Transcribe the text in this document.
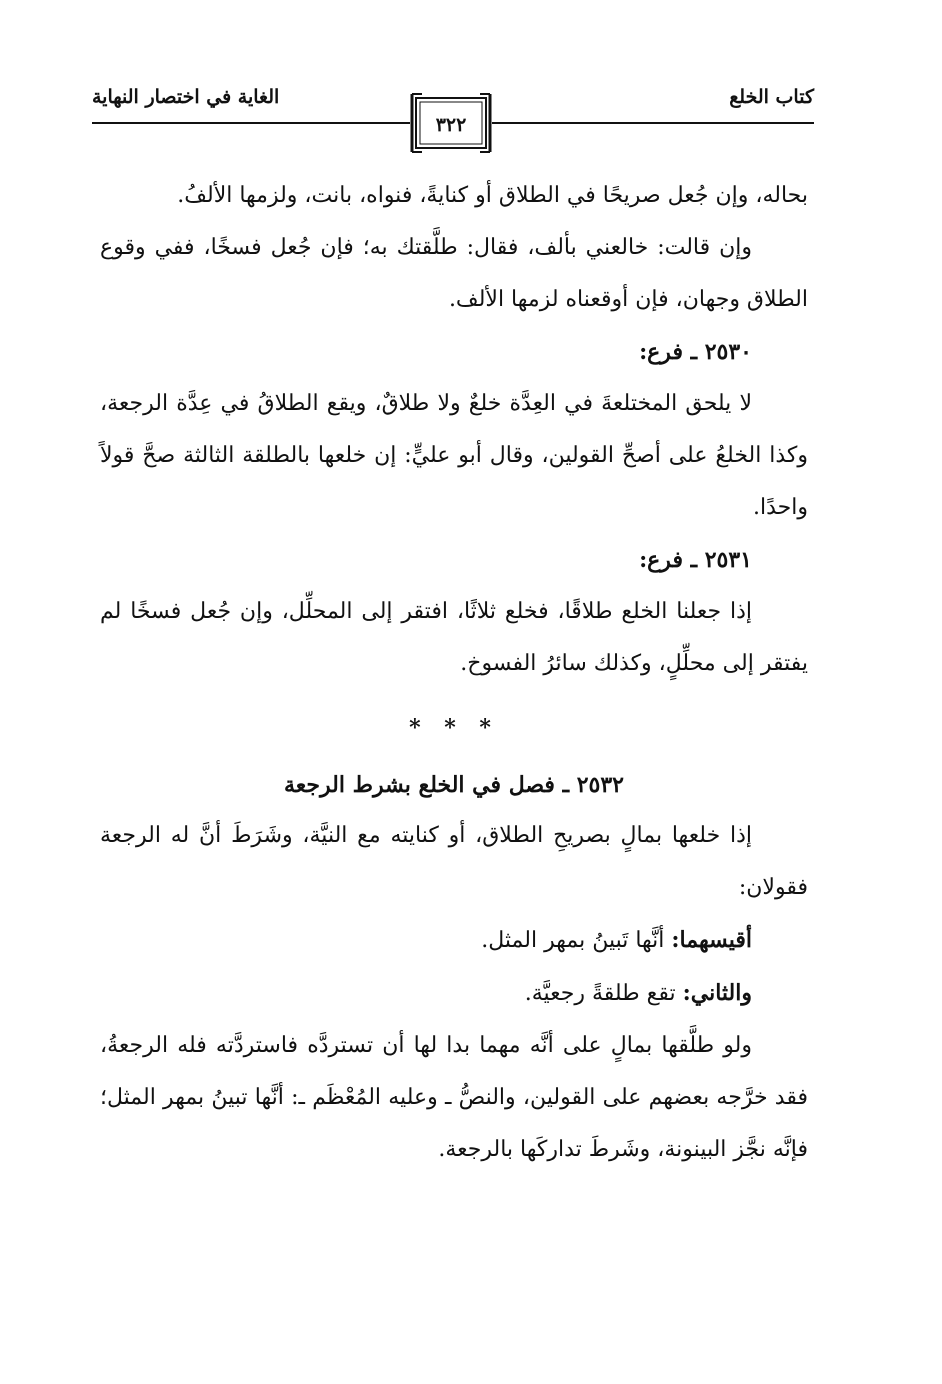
كتاب الخلع
الغاية في اختصار النهاية
٣٢٢

بحاله، وإن جُعل صريحًا في الطلاق أو كنايةً، فنواه، بانت، ولزمها الألفُ.

وإن قالت: خالعني بألف، فقال: طلَّقتك به؛ فإن جُعل فسخًا، ففي وقوع الطلاق وجهان، فإن أوقعناه لزمها الألف.

٢٥٣٠ ـ فرع:

لا يلحق المختلعةَ في العِدَّة خلعٌ ولا طلاقٌ، ويقع الطلاقُ في عِدَّة الرجعة، وكذا الخلعُ على أصحِّ القولين، وقال أبو عليٍّ: إن خلعها بالطلقة الثالثة صحَّ قولاً واحدًا.

٢٥٣١ ـ فرع:

إذا جعلنا الخلع طلاقًا، فخلع ثلاثًا، افتقر إلى المحلِّل، وإن جُعل فسخًا لم يفتقر إلى محلِّلٍ، وكذلك سائرُ الفسوخ.

* * *

٢٥٣٢ ـ فصل في الخلع بشرط الرجعة

إذا خلعها بمالٍ بصريحِ الطلاق، أو كنايته مع النيَّة، وشَرَطَ أنَّ له الرجعة فقولان:

أقيسهما: أنَّها تَبينُ بمهر المثل.

والثاني: تقع طلقةً رجعيَّة.

ولو طلَّقها بمالٍ على أنَّه مهما بدا لها أن تستردَّه فاستردَّته فله الرجعةُ، فقد خرَّجه بعضهم على القولين، والنصُّ ـ وعليه المُعْظَم ـ: أنَّها تبينُ بمهر المثل؛ فإنَّه نجَّز البينونة، وشَرطَ تداركَها بالرجعة.
